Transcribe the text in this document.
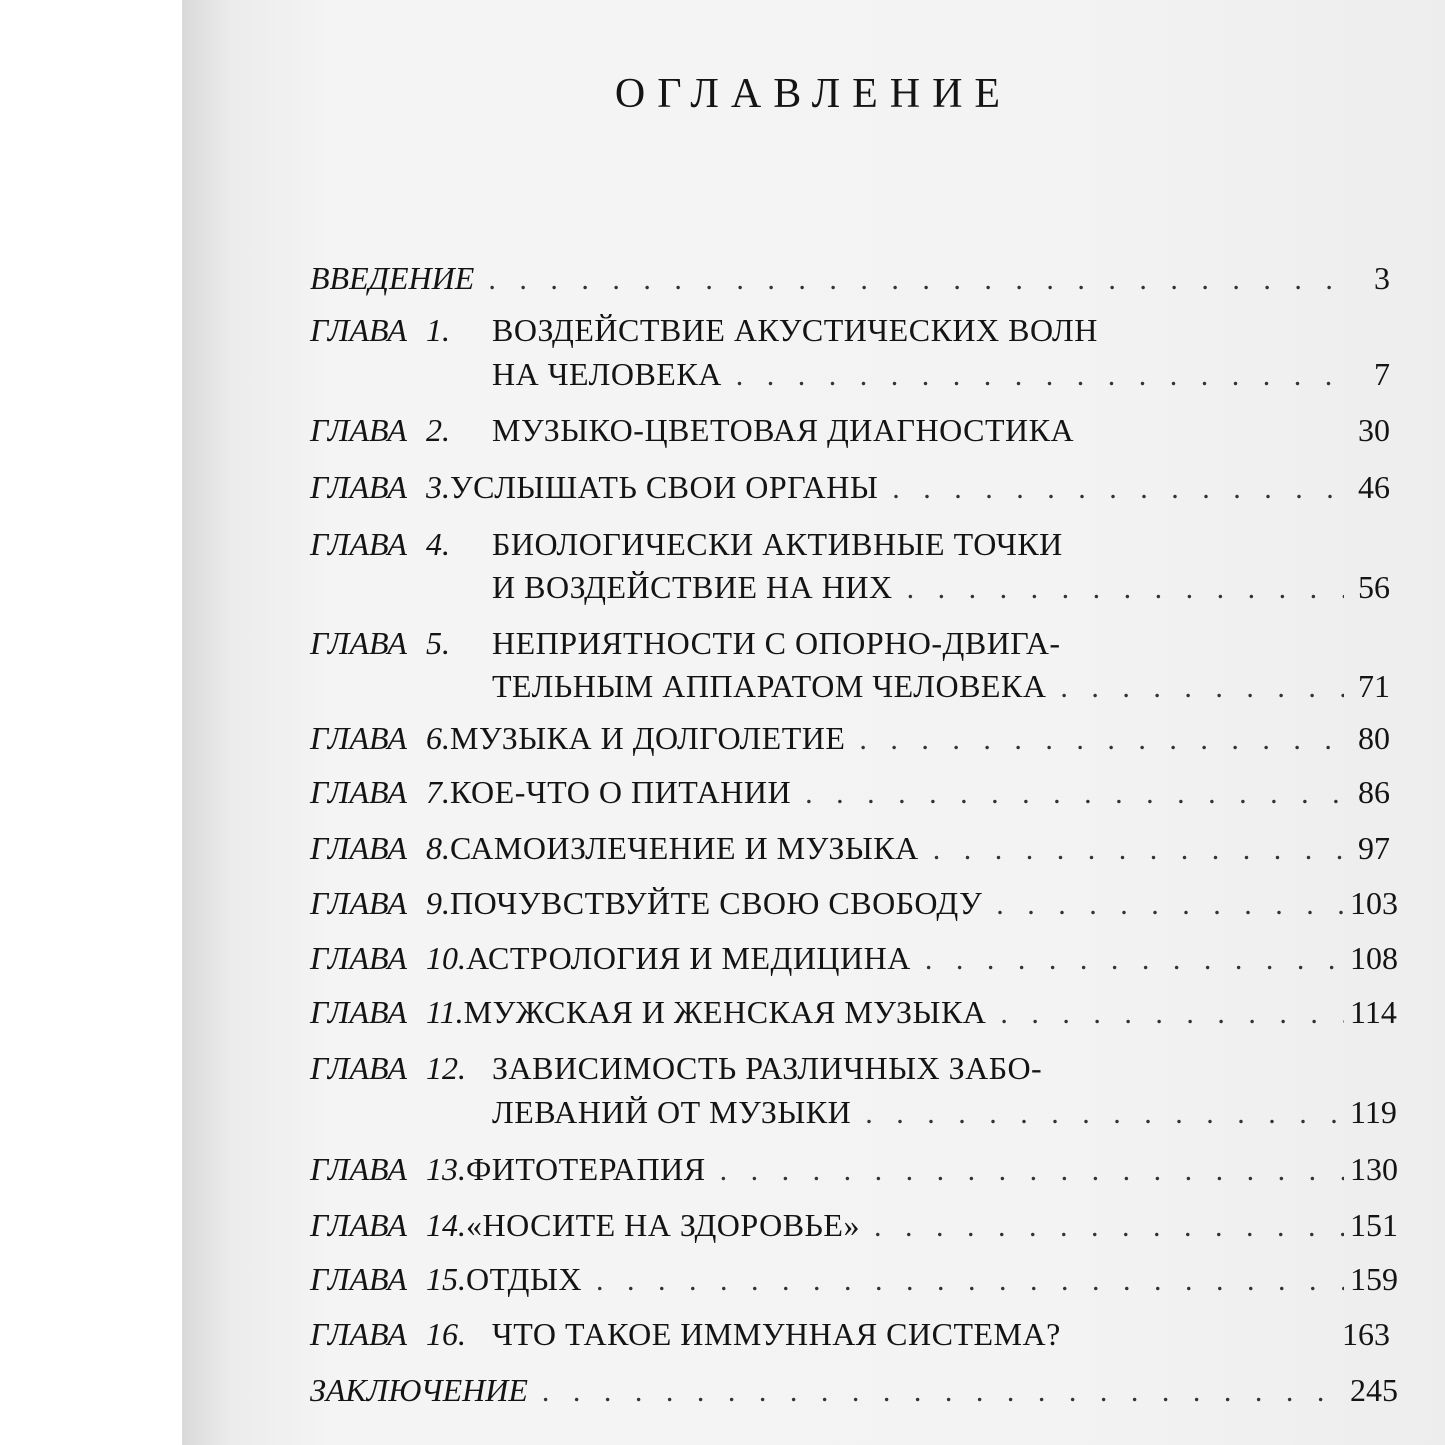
ОГЛАВЛЕНИЕ
ВВЕДЕНИЕ . . .	3
ГЛАВА 1.	ВОЗДЕЙСТВИЕ АКУСТИЧЕСКИХ ВОЛН
НА ЧЕЛОВЕКА . . .	7
ГЛАВА 2.	МУЗЫКО-ЦВЕТОВАЯ ДИАГНОСТИКА	30
ГЛАВА 3. УСЛЫШАТЬ СВОИ ОРГАНЫ . . .	46
ГЛАВА 4.	БИОЛОГИЧЕСКИ АКТИВНЫЕ ТОЧКИ
И ВОЗДЕЙСТВИЕ НА НИХ . . .	56
ГЛАВА 5.	НЕПРИЯТНОСТИ С ОПОРНО-ДВИГА-
ТЕЛЬНЫМ АППАРАТОМ ЧЕЛОВЕКА . . .	71
ГЛАВА 6. МУЗЫКА И ДОЛГОЛЕТИЕ . . .	80
ГЛАВА 7. КОЕ-ЧТО О ПИТАНИИ . . .	86
ГЛАВА 8. САМОИЗЛЕЧЕНИЕ И МУЗЫКА . . .	97
ГЛАВА 9. ПОЧУВСТВУЙТЕ СВОЮ СВОБОДУ . . .	103
ГЛАВА 10. АСТРОЛОГИЯ И МЕДИЦИНА . . .	108
ГЛАВА 11. МУЖСКАЯ И ЖЕНСКАЯ МУЗЫКА . . .	114
ГЛАВА 12. ЗАВИСИМОСТЬ РАЗЛИЧНЫХ ЗАБО-
ЛЕВАНИЙ ОТ МУЗЫКИ . . .	119
ГЛАВА 13. ФИТОТЕРАПИЯ . . .	130
ГЛАВА 14. «НОСИТЕ НА ЗДОРОВЬЕ» . . .	151
ГЛАВА 15. ОТДЫХ . . .	159
ГЛАВА 16. ЧТО ТАКОЕ ИММУННАЯ СИСТЕМА?	163
ЗАКЛЮЧЕНИЕ . . .	245
